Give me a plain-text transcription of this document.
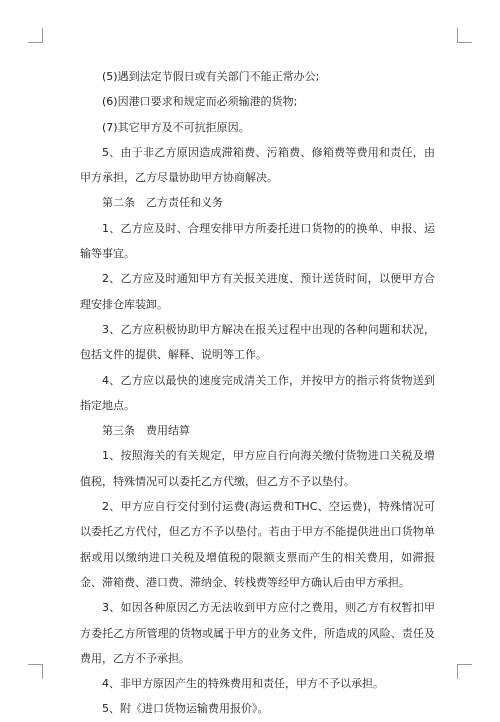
(5)遇到法定节假日或有关部门不能正常办公;

(6)因港口要求和规定而必须输港的货物;

(7)其它甲方及不可抗拒原因。

5、由于非乙方原因造成滞箱费、污箱费、修箱费等费用和责任，由甲方承担，乙方尽量协助甲方协商解决。

第二条　乙方责任和义务

1、乙方应及时、合理安排甲方所委托进口货物的的换单、申报、运输等事宜。

2、乙方应及时通知甲方有关报关进度、预计送货时间，以便甲方合理安排仓库装卸。

3、乙方应积极协助甲方解决在报关过程中出现的各种问题和状况，包括文件的提供、解释、说明等工作。

4、乙方应以最快的速度完成清关工作，并按甲方的指示将货物送到指定地点。

第三条　费用结算

1、按照海关的有关规定，甲方应自行向海关缴付货物进口关税及增值税，特殊情况可以委托乙方代缴，但乙方不予以垫付。

2、甲方应自行交付到付运费(海运费和THC、空运费)，特殊情况可以委托乙方代付，但乙方不予以垫付。若由于甲方不能提供进出口货物单据或用以缴纳进口关税及增值税的限额支票而产生的相关费用，如滞报金、滞箱费、港口费、滞纳金、转栈费等经甲方确认后由甲方承担。

3、如因各种原因乙方无法收到甲方应付之费用，则乙方有权暂扣甲方委托乙方所管理的货物或属于甲方的业务文件，所造成的风险、责任及费用，乙方不予承担。

4、非甲方原因产生的特殊费用和责任，甲方不予以承担。

5、附《进口货物运输费用报价》。
